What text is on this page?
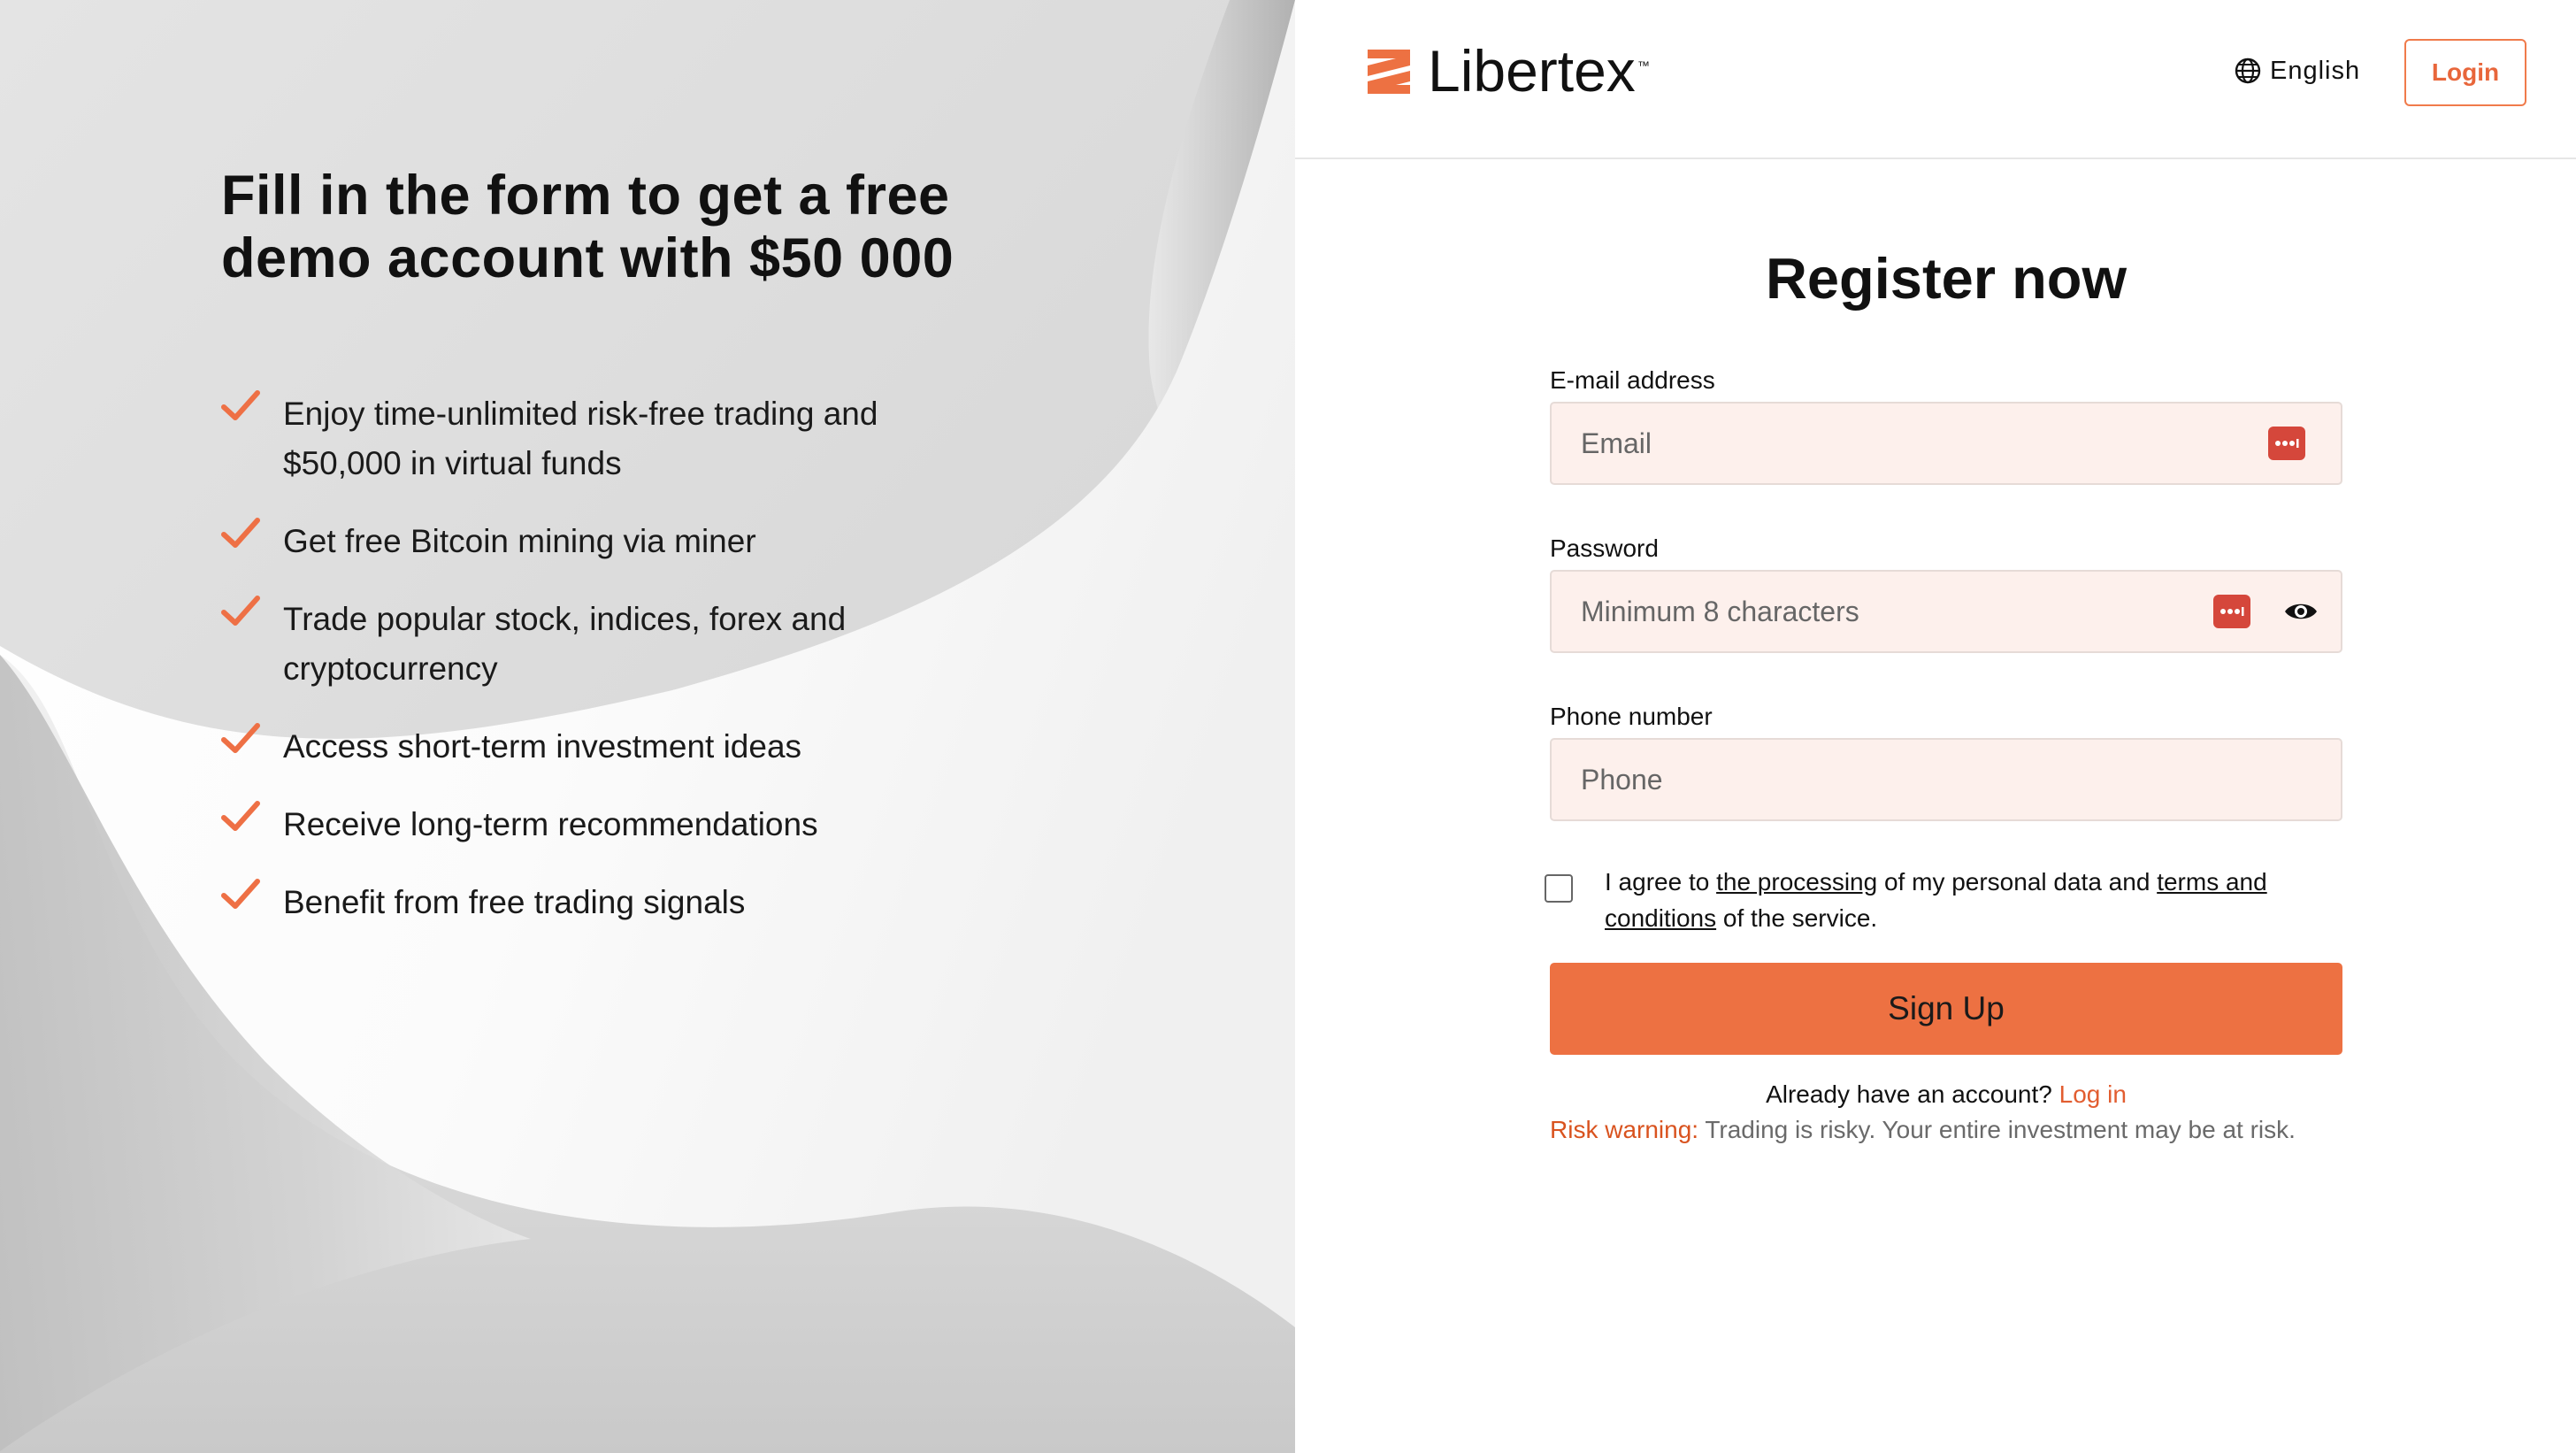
Fill in the form to get a free
demo account with $50 000
Enjoy time-unlimited risk-free trading and
$50,000 in virtual funds
Get free Bitcoin mining via miner
Trade popular stock, indices, forex and
cryptocurrency
Access short-term investment ideas
Receive long-term recommendations
Benefit from free trading signals
Libertex ™	English	Login
Register now
E-mail address
Email
Password
Phone number
Phone
I agree to the processing of my personal data and terms and conditions of the service.
Sign Up
Already have an account? Log in
Risk warning: Trading is risky. Your entire investment may be at risk.
